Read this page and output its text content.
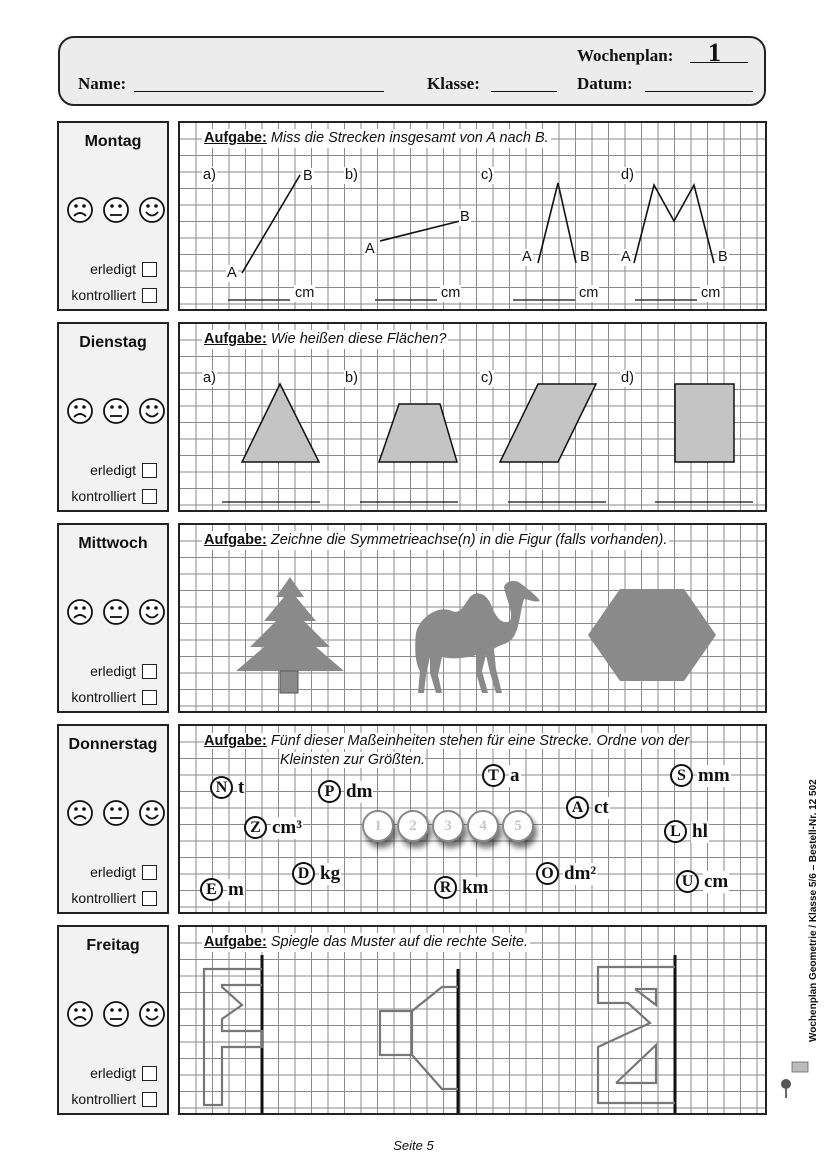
Wochenplan: 1
Name:	Klasse:	Datum:
Montag
erledigt
kontrolliert
Dienstag
erledigt
kontrolliert
Mittwoch
erledigt
kontrolliert
Donnerstag
erledigt
kontrolliert
Freitag
erledigt
kontrolliert
Aufgabe: Miss die Strecken insgesamt von A nach B.
a)	b)	c)	d)
A
B
A
B
A	B A	B
cm	cm	cm	cm
Aufgabe: Wie heißen diese Flächen?
a)	b)	c)	d)
Aufgabe: Zeichne die Symmetrieachse(n) in die Figur (falls vorhanden).
Aufgabe: Fünf dieser Maßeinheiten stehen für eine Strecke. Ordne von der
Kleinsten zur Größten.
N t	P dm
T a	S mm
A ct
Z cm³	L hl
D kg	O dm²	U cm
E m	R km
1	2	3	4	5
Aufgabe: Spiegle das Muster auf die rechte Seite.	Wochenplan Geometrie / Klasse 5/6 – Bestell-Nr. 12 502
Seite 5
